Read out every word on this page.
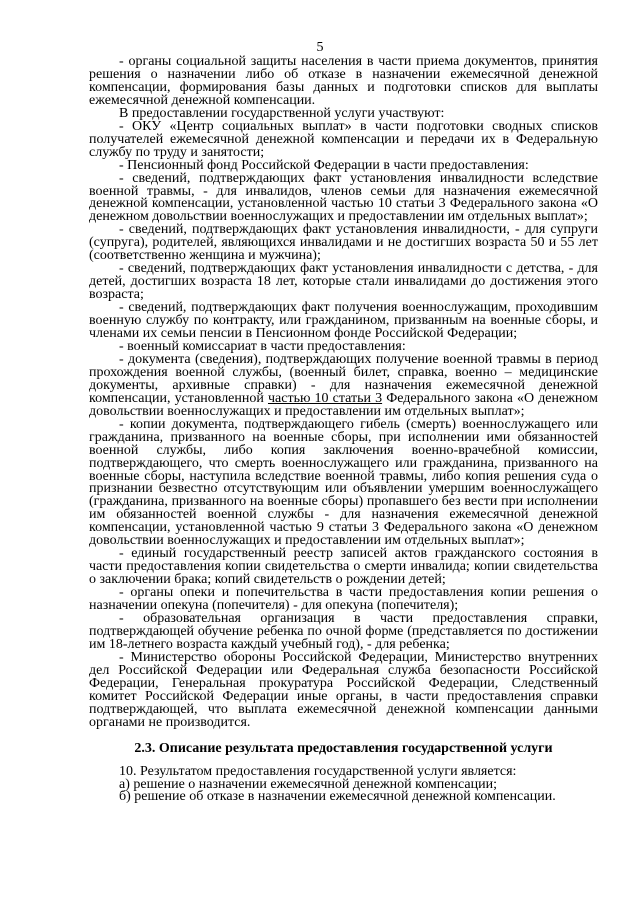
5

- органы социальной защиты населения в части приема документов, принятия решения о назначении либо об отказе в назначении ежемесячной денежной компенсации, формирования базы данных и подготовки списков для выплаты ежемесячной денежной компенсации.

В предоставлении государственной услуги участвуют:

- ОКУ «Центр социальных выплат» в части подготовки сводных списков получателей ежемесячной денежной компенсации и передачи их в Федеральную службу по труду и занятости;

- Пенсионный фонд Российской Федерации в части предоставления:

- сведений, подтверждающих факт установления инвалидности вследствие военной травмы, - для инвалидов, членов семьи для назначения ежемесячной денежной компенсации, установленной частью 10 статьи 3 Федерального закона «О денежном довольствии военнослужащих и предоставлении им отдельных выплат»;

- сведений, подтверждающих факт установления инвалидности, - для супруги (супруга), родителей, являющихся инвалидами и не достигших возраста 50 и 55 лет (соответственно женщина и мужчина);

- сведений, подтверждающих факт установления инвалидности с детства, - для детей, достигших возраста 18 лет, которые стали инвалидами до достижения этого возраста;

- сведений, подтверждающих факт получения военнослужащим, проходившим военную службу по контракту, или гражданином, призванным на военные сборы, и членами их семьи пенсии в Пенсионном фонде Российской Федерации;

- военный комиссариат в части предоставления:

- документа (сведения), подтверждающих получение военной травмы в период прохождения военной службы, (военный билет, справка, военно – медицинские документы, архивные справки) - для назначения ежемесячной денежной компенсации, установленной частью 10 статьи 3 Федерального закона «О денежном довольствии военнослужащих и предоставлении им отдельных выплат»;

- копии документа, подтверждающего гибель (смерть) военнослужащего или гражданина, призванного на военные сборы, при исполнении ими обязанностей военной службы, либо копия заключения военно-врачебной комиссии, подтверждающего, что смерть военнослужащего или гражданина, призванного на военные сборы, наступила вследствие военной травмы, либо копия решения суда о признании безвестно отсутствующим или объявлении умершим военнослужащего (гражданина, призванного на военные сборы) пропавшего без вести при исполнении им обязанностей военной службы - для назначения ежемесячной денежной компенсации, установленной частью 9 статьи 3 Федерального закона «О денежном довольствии военнослужащих и предоставлении им отдельных выплат»;

- единый государственный реестр записей актов гражданского состояния в части предоставления копии свидетельства о смерти инвалида; копии свидетельства о заключении брака; копий свидетельств о рождении детей;

- органы опеки и попечительства в части предоставления копии решения о назначении опекуна (попечителя) - для опекуна (попечителя);

- образовательная организация в части предоставления справки, подтверждающей обучение ребенка по очной форме (представляется по достижении им 18-летнего возраста каждый учебный год), - для ребенка;

- Министерство обороны Российской Федерации, Министерство внутренних дел Российской Федерации или Федеральная служба безопасности Российской Федерации, Генеральная прокуратура Российской Федерации, Следственный комитет Российской Федерации иные органы, в части предоставления справки подтверждающей, что выплата ежемесячной денежной компенсации данными органами не производится.

2.3. Описание результата предоставления государственной услуги

10. Результатом предоставления государственной услуги является:

а) решение о назначении ежемесячной денежной компенсации;

б) решение об отказе в назначении ежемесячной денежной компенсации.
